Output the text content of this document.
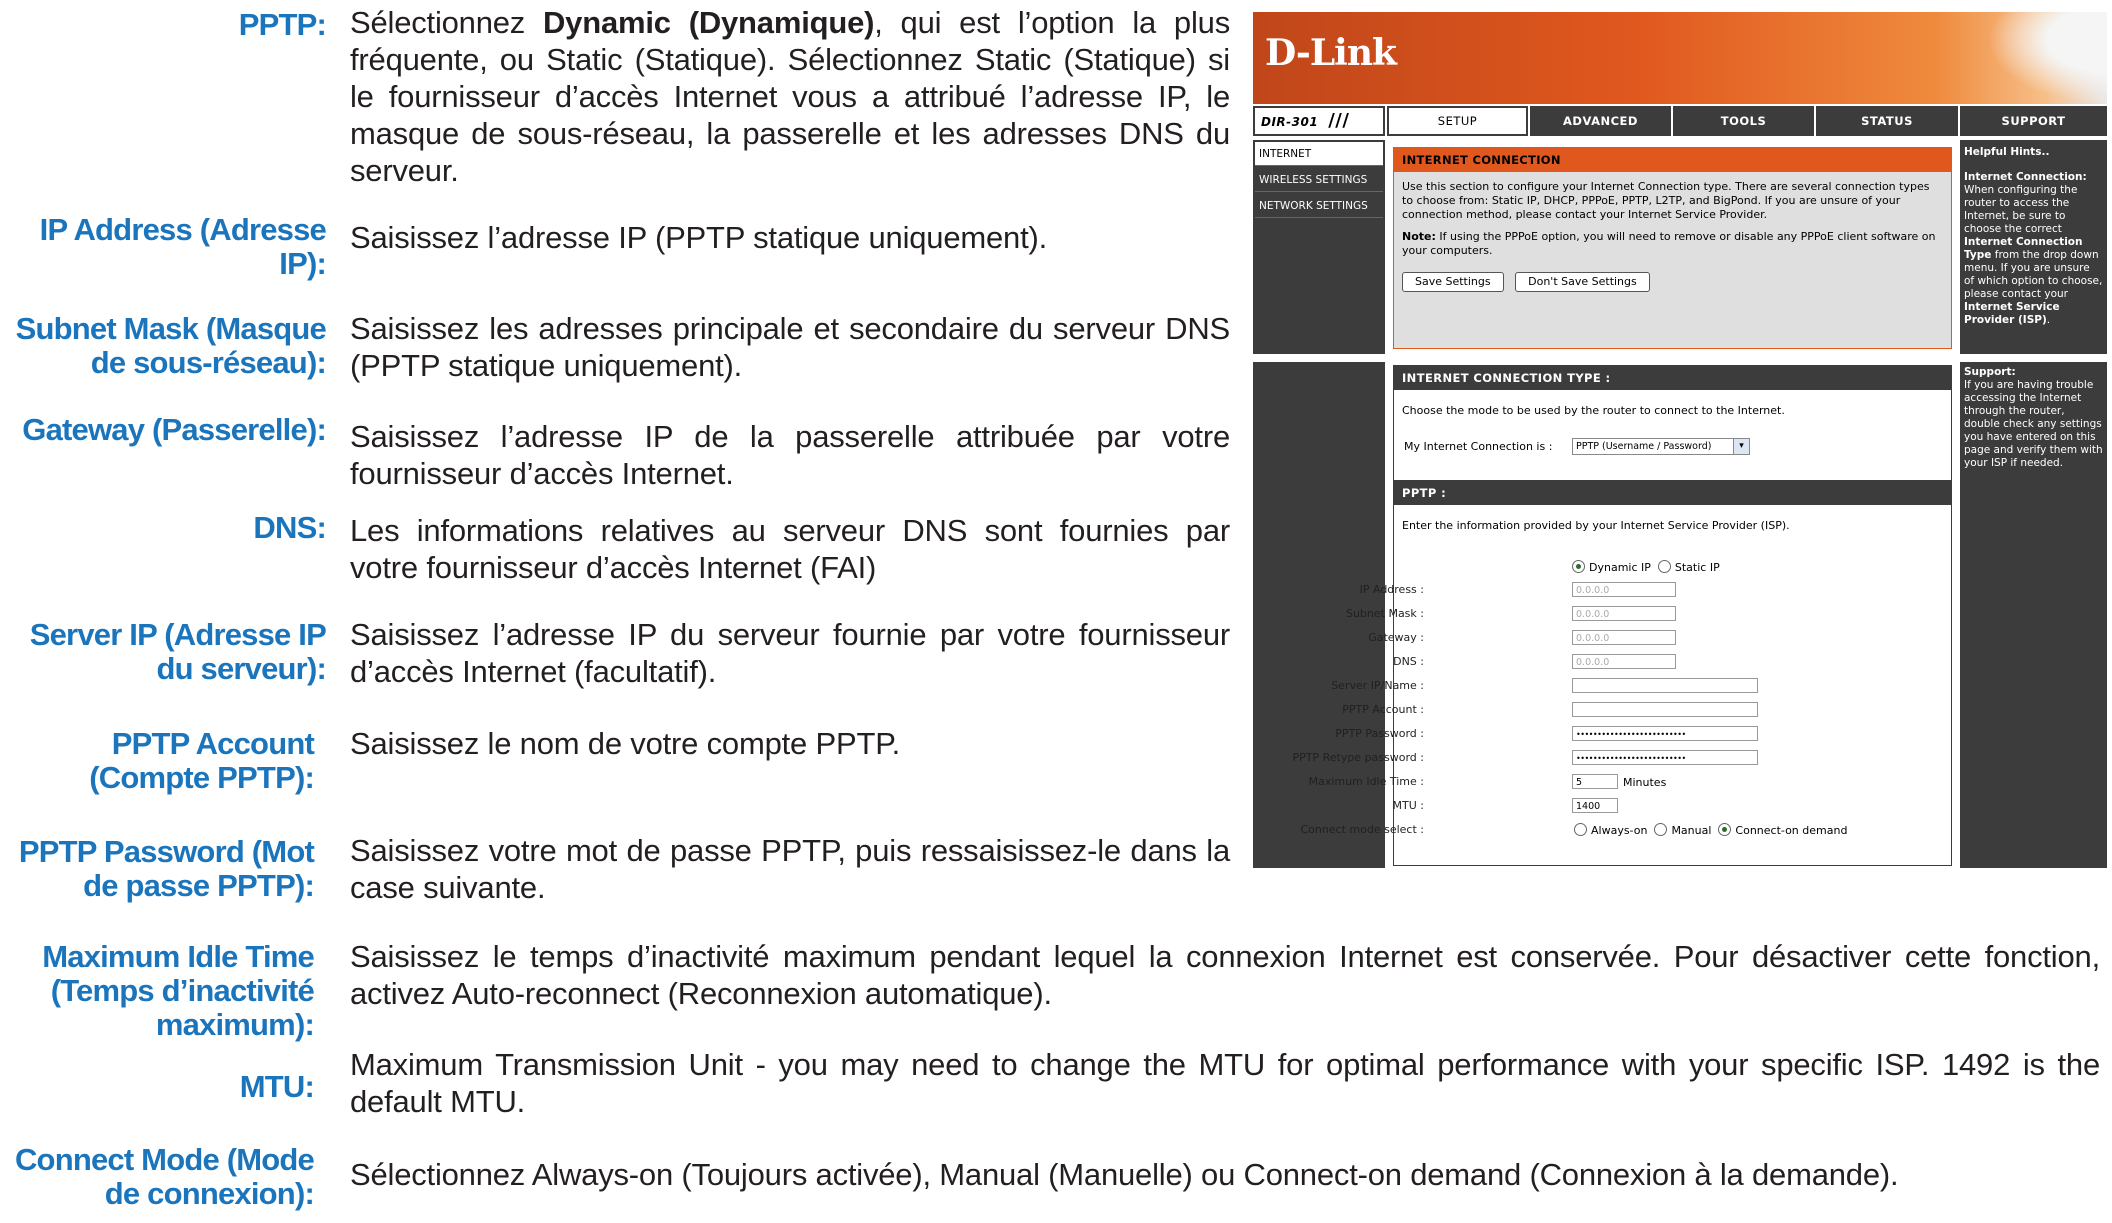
PPTP: Sélectionnez Dynamic (Dynamique), qui est l’option la plus fréquente, ou Static (Statique). Sélectionnez Static (Statique) si le fournisseur d’accès Internet vous a attribué l’adresse IP, le masque de sous-réseau, la passerelle et les adresses DNS du serveur.
IP Address (Adresse IP):
Saisissez l’adresse IP (PPTP statique uniquement).
Subnet Mask (Masque de sous-réseau):
Saisissez les adresses principale et secondaire du serveur DNS (PPTP statique uniquement).
Gateway (Passerelle): Saisissez l’adresse IP de la passerelle attribuée par votre fournisseur d’accès Internet.
DNS: Les informations relatives au serveur DNS sont fournies par votre fournisseur d’accès Internet (FAI)
Server IP (Adresse IP du serveur):
Saisissez l’adresse IP du serveur fournie par votre fournisseur d’accès Internet (facultatif).
PPTP Account (Compte PPTP):
Saisissez le nom de votre compte PPTP.
PPTP Password (Mot de passe PPTP):
Saisissez votre mot de passe PPTP, puis ressaisissez-le dans la case suivante.
Maximum Idle Time (Temps d’inactivité maximum):
Saisissez le temps d’inactivité maximum pendant lequel la connexion Internet est conservée. Pour désactiver cette fonction, activez Auto-reconnect (Reconnexion automatique).
MTU:
Maximum Transmission Unit - you may need to change the MTU for optimal performance with your specific ISP. 1492 is the default MTU.
Connect Mode (Mode de connexion):
Sélectionnez Always-on (Toujours activée), Manual (Manuelle) ou Connect-on demand (Connexion à la demande).
D-Link
DIR-301 ///	SETUP	ADVANCED	TOOLS	STATUS	SUPPORT
INTERNET
WIRELESS SETTINGS
NETWORK SETTINGS
INTERNET CONNECTION

Use this section to configure your Internet Connection type. There are several connection types to choose from: Static IP, DHCP, PPPoE, PPTP, L2TP, and BigPond. If you are unsure of your connection method, please contact your Internet Service Provider.

Note: If using the PPPoE option, you will need to remove or disable any PPPoE client software on your computers.

Save Settings	Don't Save Settings

Helpful Hints..
Internet Connection: When configuring the router to access the Internet, be sure to choose the correct Internet Connection Type from the drop down menu. If you are unsure of which option to choose, please contact your Internet Service Provider (ISP).
Support:
If you are having trouble accessing the Internet through the router, double check any settings you have entered on this page and verify them with your ISP if needed.
INTERNET CONNECTION TYPE :
Choose the mode to be used by the router to connect to the Internet.
My Internet Connection is :	PPTP (Username / Password)	▾
PPTP :
Enter the information provided by your Internet Service Provider (ISP).
Dynamic IP Static IP
IP Address :	0.0.0.0
Subnet Mask :	0.0.0.0
Gateway :	0.0.0.0
DNS :	0.0.0.0
Server IP/Name :
PPTP Account :
PPTP Password :	••••••••••••••••••••••••••
PPTP Retype password :	••••••••••••••••••••••••••
Maximum Idle Time :	5	Minutes
MTU :	1400
Connect mode select :	Always-on Manual Connect-on demand
